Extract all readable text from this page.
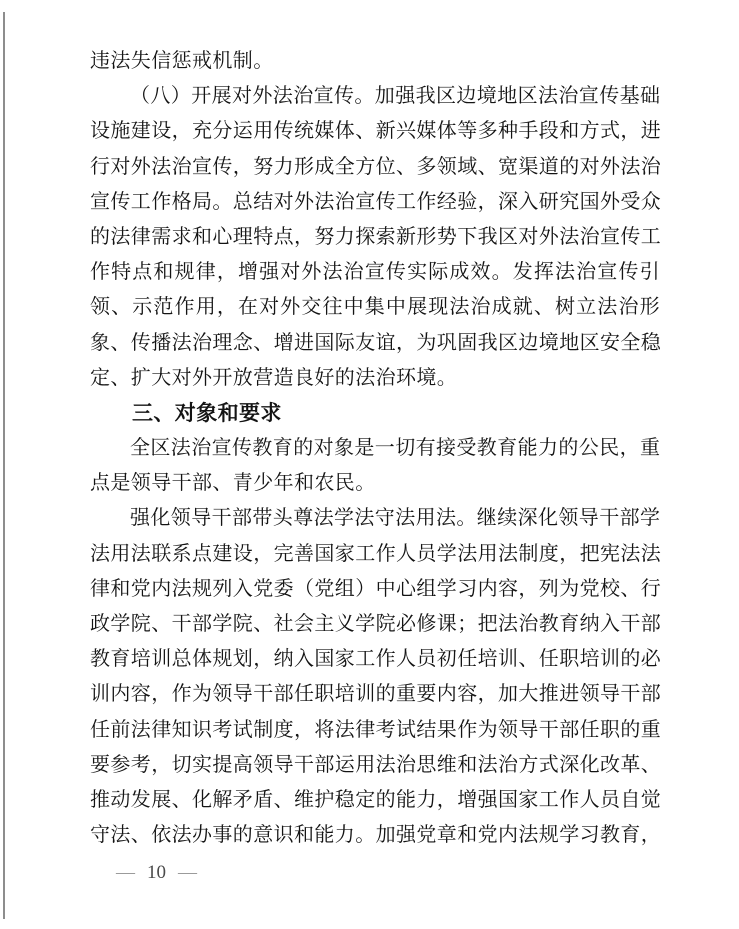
违法失信惩戒机制。
（八）开展对外法治宣传。加强我区边境地区法治宣传基础
设施建设，充分运用传统媒体、新兴媒体等多种手段和方式，进
行对外法治宣传，努力形成全方位、多领域、宽渠道的对外法治
宣传工作格局。总结对外法治宣传工作经验，深入研究国外受众
的法律需求和心理特点，努力探索新形势下我区对外法治宣传工
作特点和规律，增强对外法治宣传实际成效。发挥法治宣传引
领、示范作用，在对外交往中集中展现法治成就、树立法治形
象、传播法治理念、增进国际友谊，为巩固我区边境地区安全稳
定、扩大对外开放营造良好的法治环境。
三、对象和要求
全区法治宣传教育的对象是一切有接受教育能力的公民，重
点是领导干部、青少年和农民。
强化领导干部带头尊法学法守法用法。继续深化领导干部学
法用法联系点建设，完善国家工作人员学法用法制度，把宪法法
律和党内法规列入党委（党组）中心组学习内容，列为党校、行
政学院、干部学院、社会主义学院必修课；把法治教育纳入干部
教育培训总体规划，纳入国家工作人员初任培训、任职培训的必
训内容，作为领导干部任职培训的重要内容，加大推进领导干部
任前法律知识考试制度，将法律考试结果作为领导干部任职的重
要参考，切实提高领导干部运用法治思维和法治方式深化改革、
推动发展、化解矛盾、维护稳定的能力，增强国家工作人员自觉
守法、依法办事的意识和能力。加强党章和党内法规学习教育，
— 10 —
